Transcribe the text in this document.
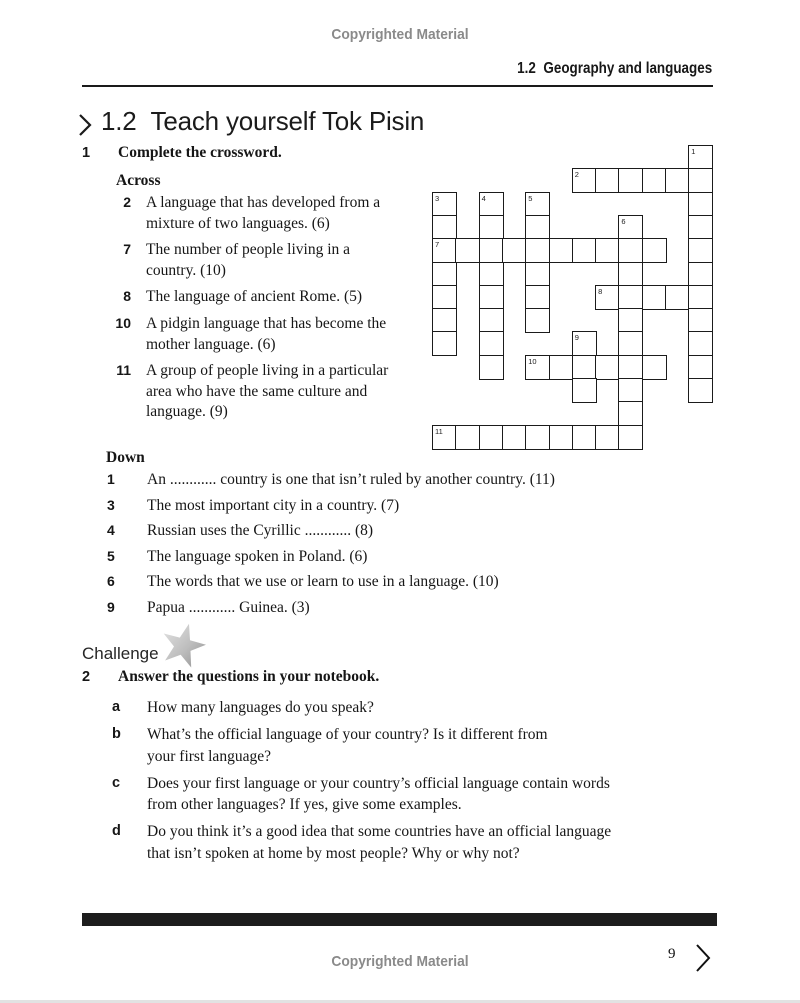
Copyrighted Material
1.2 Geography and languages
1.2 Teach yourself Tok Pisin
1	Complete the crossword.
Across
2 A language that has developed from a
mixture of two languages. (6)
7 The number of people living in a
country. (10)
8 The language of ancient Rome. (5)
10 A pidgin language that has become the
mother language. (6)
11 A group of people living in a particular
area who have the same culture and
language. (9)
Down
1	An ............ country is one that isn’t ruled by another country. (11)
3	The most important city in a country. (7)
4	Russian uses the Cyrillic ............ (8)
5	The language spoken in Poland. (6)
6	The words that we use or learn to use in a language. (10)
9	Papua ............ Guinea. (3)
1
2
3	4	5
6
7
8
9
10
11
Challenge
2	Answer the questions in your notebook.
a	How many languages do you speak?
b	What’s the official language of your country? Is it different from
your first language?
c	Does your first language or your country’s official language contain words
from other languages? If yes, give some examples.
d	Do you think it’s a good idea that some countries have an official language
that isn’t spoken at home by most people? Why or why not?
9
Copyrighted Material
